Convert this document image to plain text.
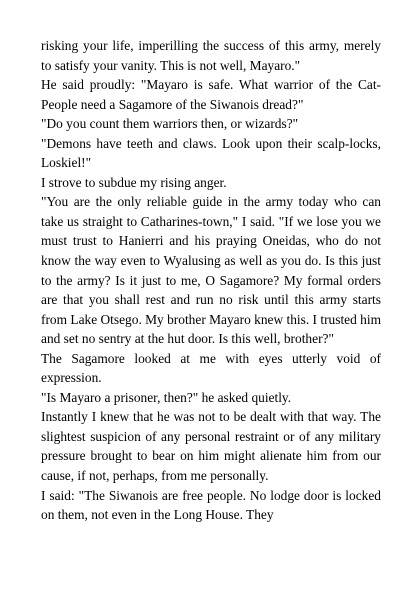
risking your life, imperilling the success of this army, merely to satisfy your vanity. This is not well, Mayaro."

He said proudly: "Mayaro is safe. What warrior of the Cat-People need a Sagamore of the Siwanois dread?"

"Do you count them warriors then, or wizards?"

"Demons have teeth and claws. Look upon their scalp-locks, Loskiel!"

I strove to subdue my rising anger.

"You are the only reliable guide in the army today who can take us straight to Catharines-town," I said. "If we lose you we must trust to Hanierri and his praying Oneidas, who do not know the way even to Wyalusing as well as you do. Is this just to the army? Is it just to me, O Sagamore? My formal orders are that you shall rest and run no risk until this army starts from Lake Otsego. My brother Mayaro knew this. I trusted him and set no sentry at the hut door. Is this well, brother?"

The Sagamore looked at me with eyes utterly void of expression.

"Is Mayaro a prisoner, then?" he asked quietly.

Instantly I knew that he was not to be dealt with that way. The slightest suspicion of any personal restraint or of any military pressure brought to bear on him might alienate him from our cause, if not, perhaps, from me personally.

I said: "The Siwanois are free people. No lodge door is locked on them, not even in the Long House. They
